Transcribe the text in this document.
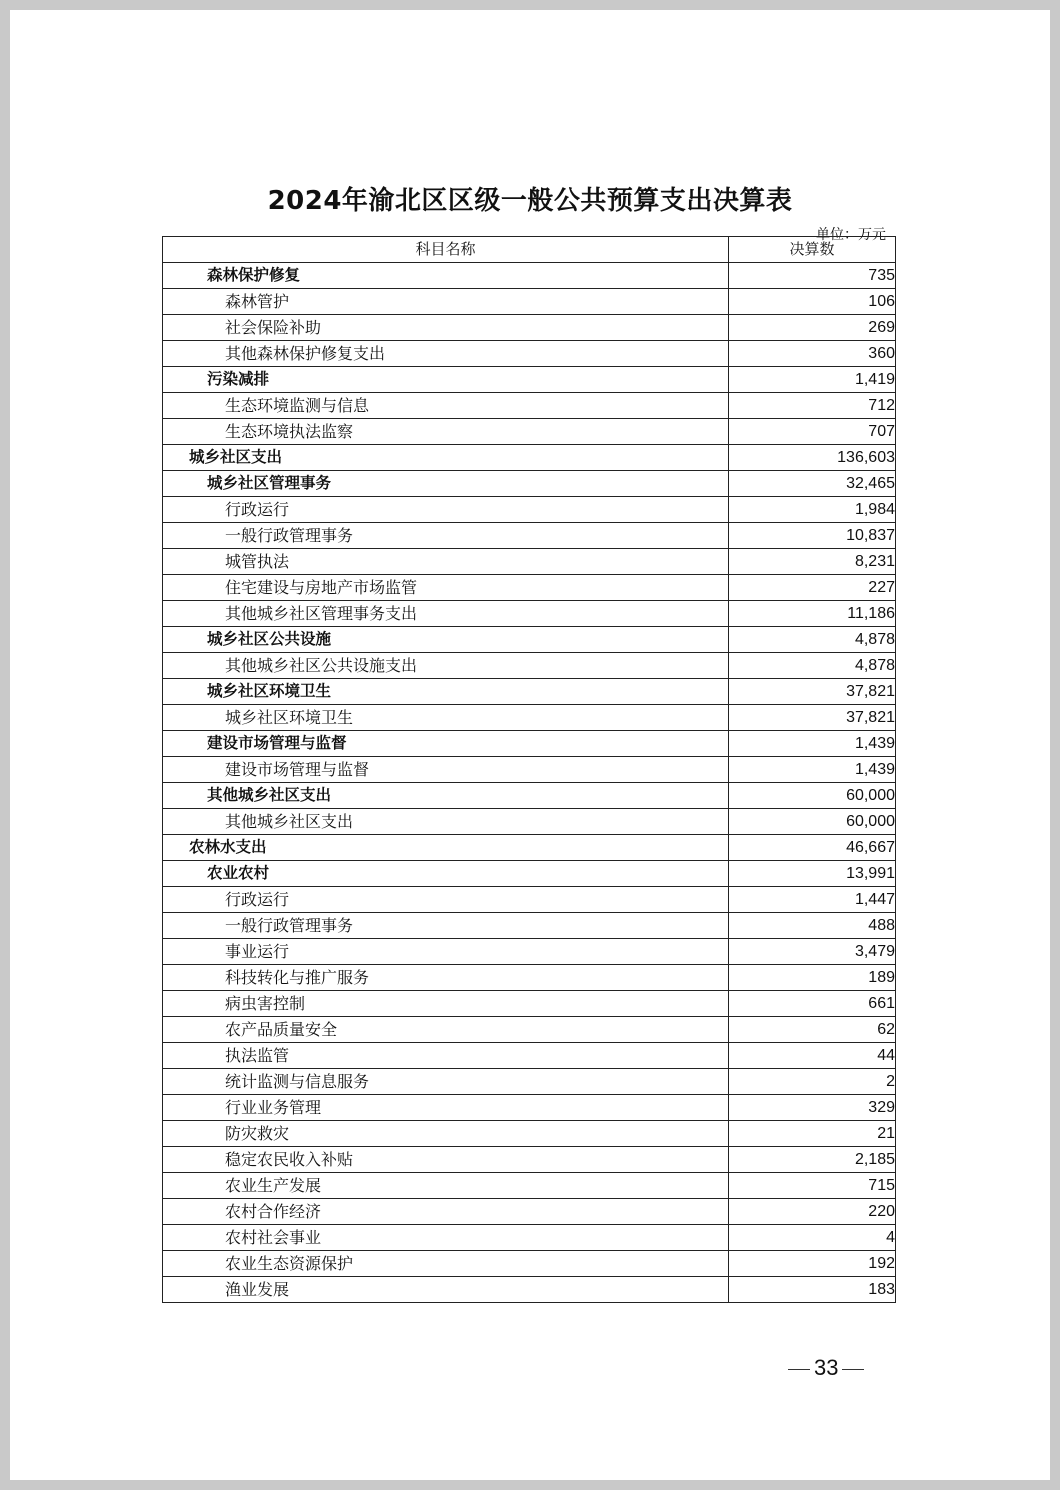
2024年渝北区区级一般公共预算支出决算表
单位：万元
科目名称	决算数
森林保护修复	735
森林管护	106
社会保险补助	269
其他森林保护修复支出	360
污染减排	1,419
生态环境监测与信息	712
生态环境执法监察	707
城乡社区支出	136,603
城乡社区管理事务	32,465
行政运行	1,984
一般行政管理事务	10,837
城管执法	8,231
住宅建设与房地产市场监管	227
其他城乡社区管理事务支出	11,186
城乡社区公共设施	4,878
其他城乡社区公共设施支出	4,878
城乡社区环境卫生	37,821
城乡社区环境卫生	37,821
建设市场管理与监督	1,439
建设市场管理与监督	1,439
其他城乡社区支出	60,000
其他城乡社区支出	60,000
农林水支出	46,667
农业农村	13,991
行政运行	1,447
一般行政管理事务	488
事业运行	3,479
科技转化与推广服务	189
病虫害控制	661
农产品质量安全	62
执法监管	44
统计监测与信息服务	2
行业业务管理	329
防灾救灾	21
稳定农民收入补贴	2,185
农业生产发展	715
农村合作经济	220
农村社会事业	4
农业生态资源保护	192
渔业发展	183
33
